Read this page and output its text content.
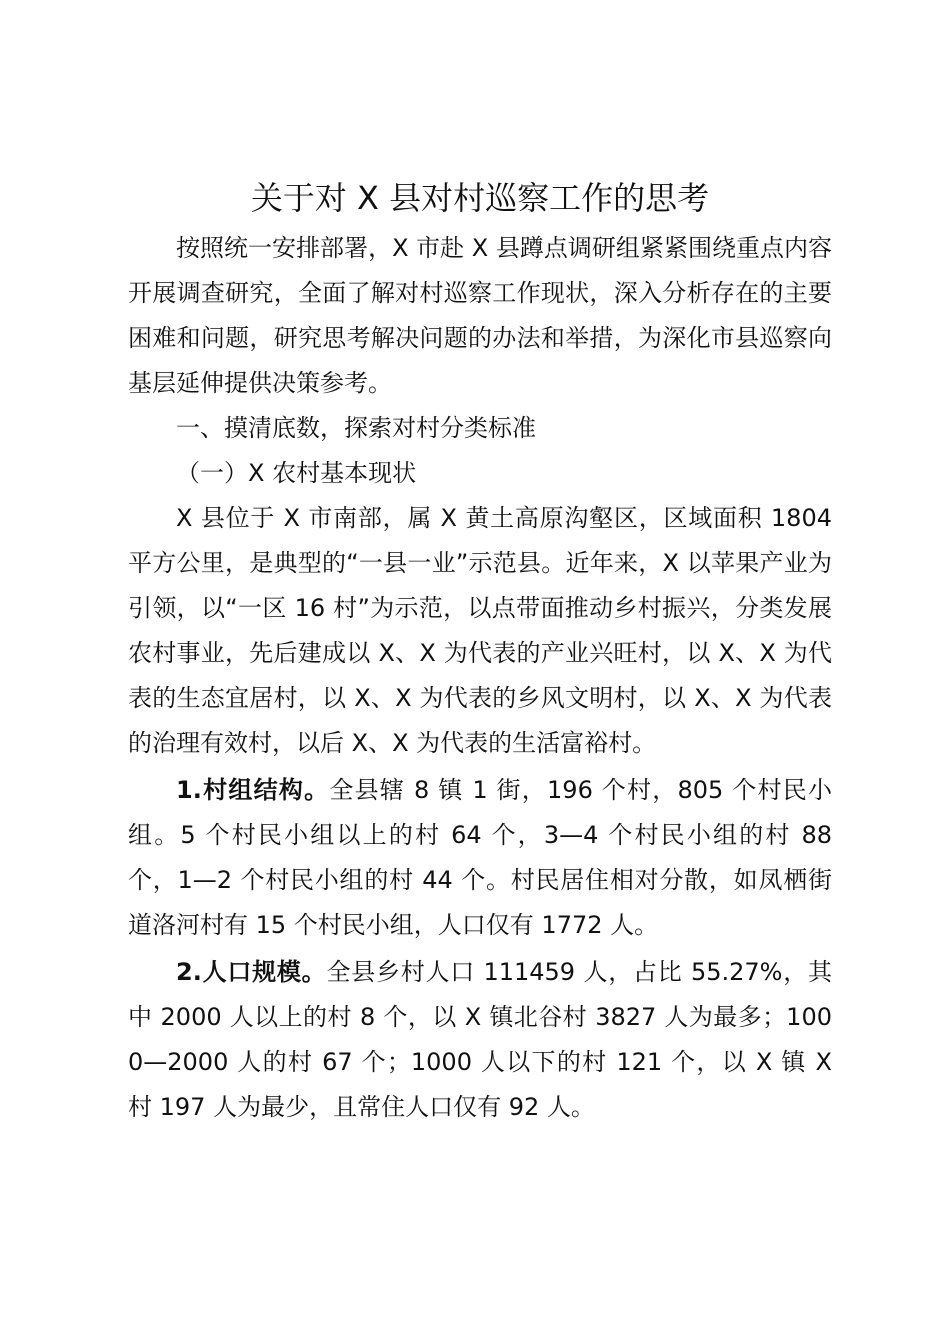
关于对 X 县对村巡察工作的思考

按照统一安排部署，X 市赴 X 县蹲点调研组紧紧围绕重点内容开展调查研究，全面了解对村巡察工作现状，深入分析存在的主要困难和问题，研究思考解决问题的办法和举措，为深化市县巡察向基层延伸提供决策参考。

一、摸清底数，探索对村分类标准

（一）X 农村基本现状

X 县位于 X 市南部，属 X 黄土高原沟壑区，区域面积 1804 平方公里，是典型的“一县一业”示范县。近年来，X 以苹果产业为引领，以“一区 16 村”为示范，以点带面推动乡村振兴，分类发展农村事业，先后建成以 X、X 为代表的产业兴旺村，以 X、X 为代表的生态宜居村，以 X、X 为代表的乡风文明村，以 X、X 为代表的治理有效村，以后 X、X 为代表的生活富裕村。

1.村组结构。全县辖 8 镇 1 街，196 个村，805 个村民小组。5 个村民小组以上的村 64 个，3—4 个村民小组的村 88 个，1—2 个村民小组的村 44 个。村民居住相对分散，如凤栖街道洛河村有 15 个村民小组，人口仅有 1772 人。

2.人口规模。全县乡村人口 111459 人，占比 55.27%，其中 2000 人以上的村 8 个，以 X 镇北谷村 3827 人为最多；1000—2000 人的村 67 个；1000 人以下的村 121 个，以 X 镇 X 村 197 人为最少，且常住人口仅有 92 人。
